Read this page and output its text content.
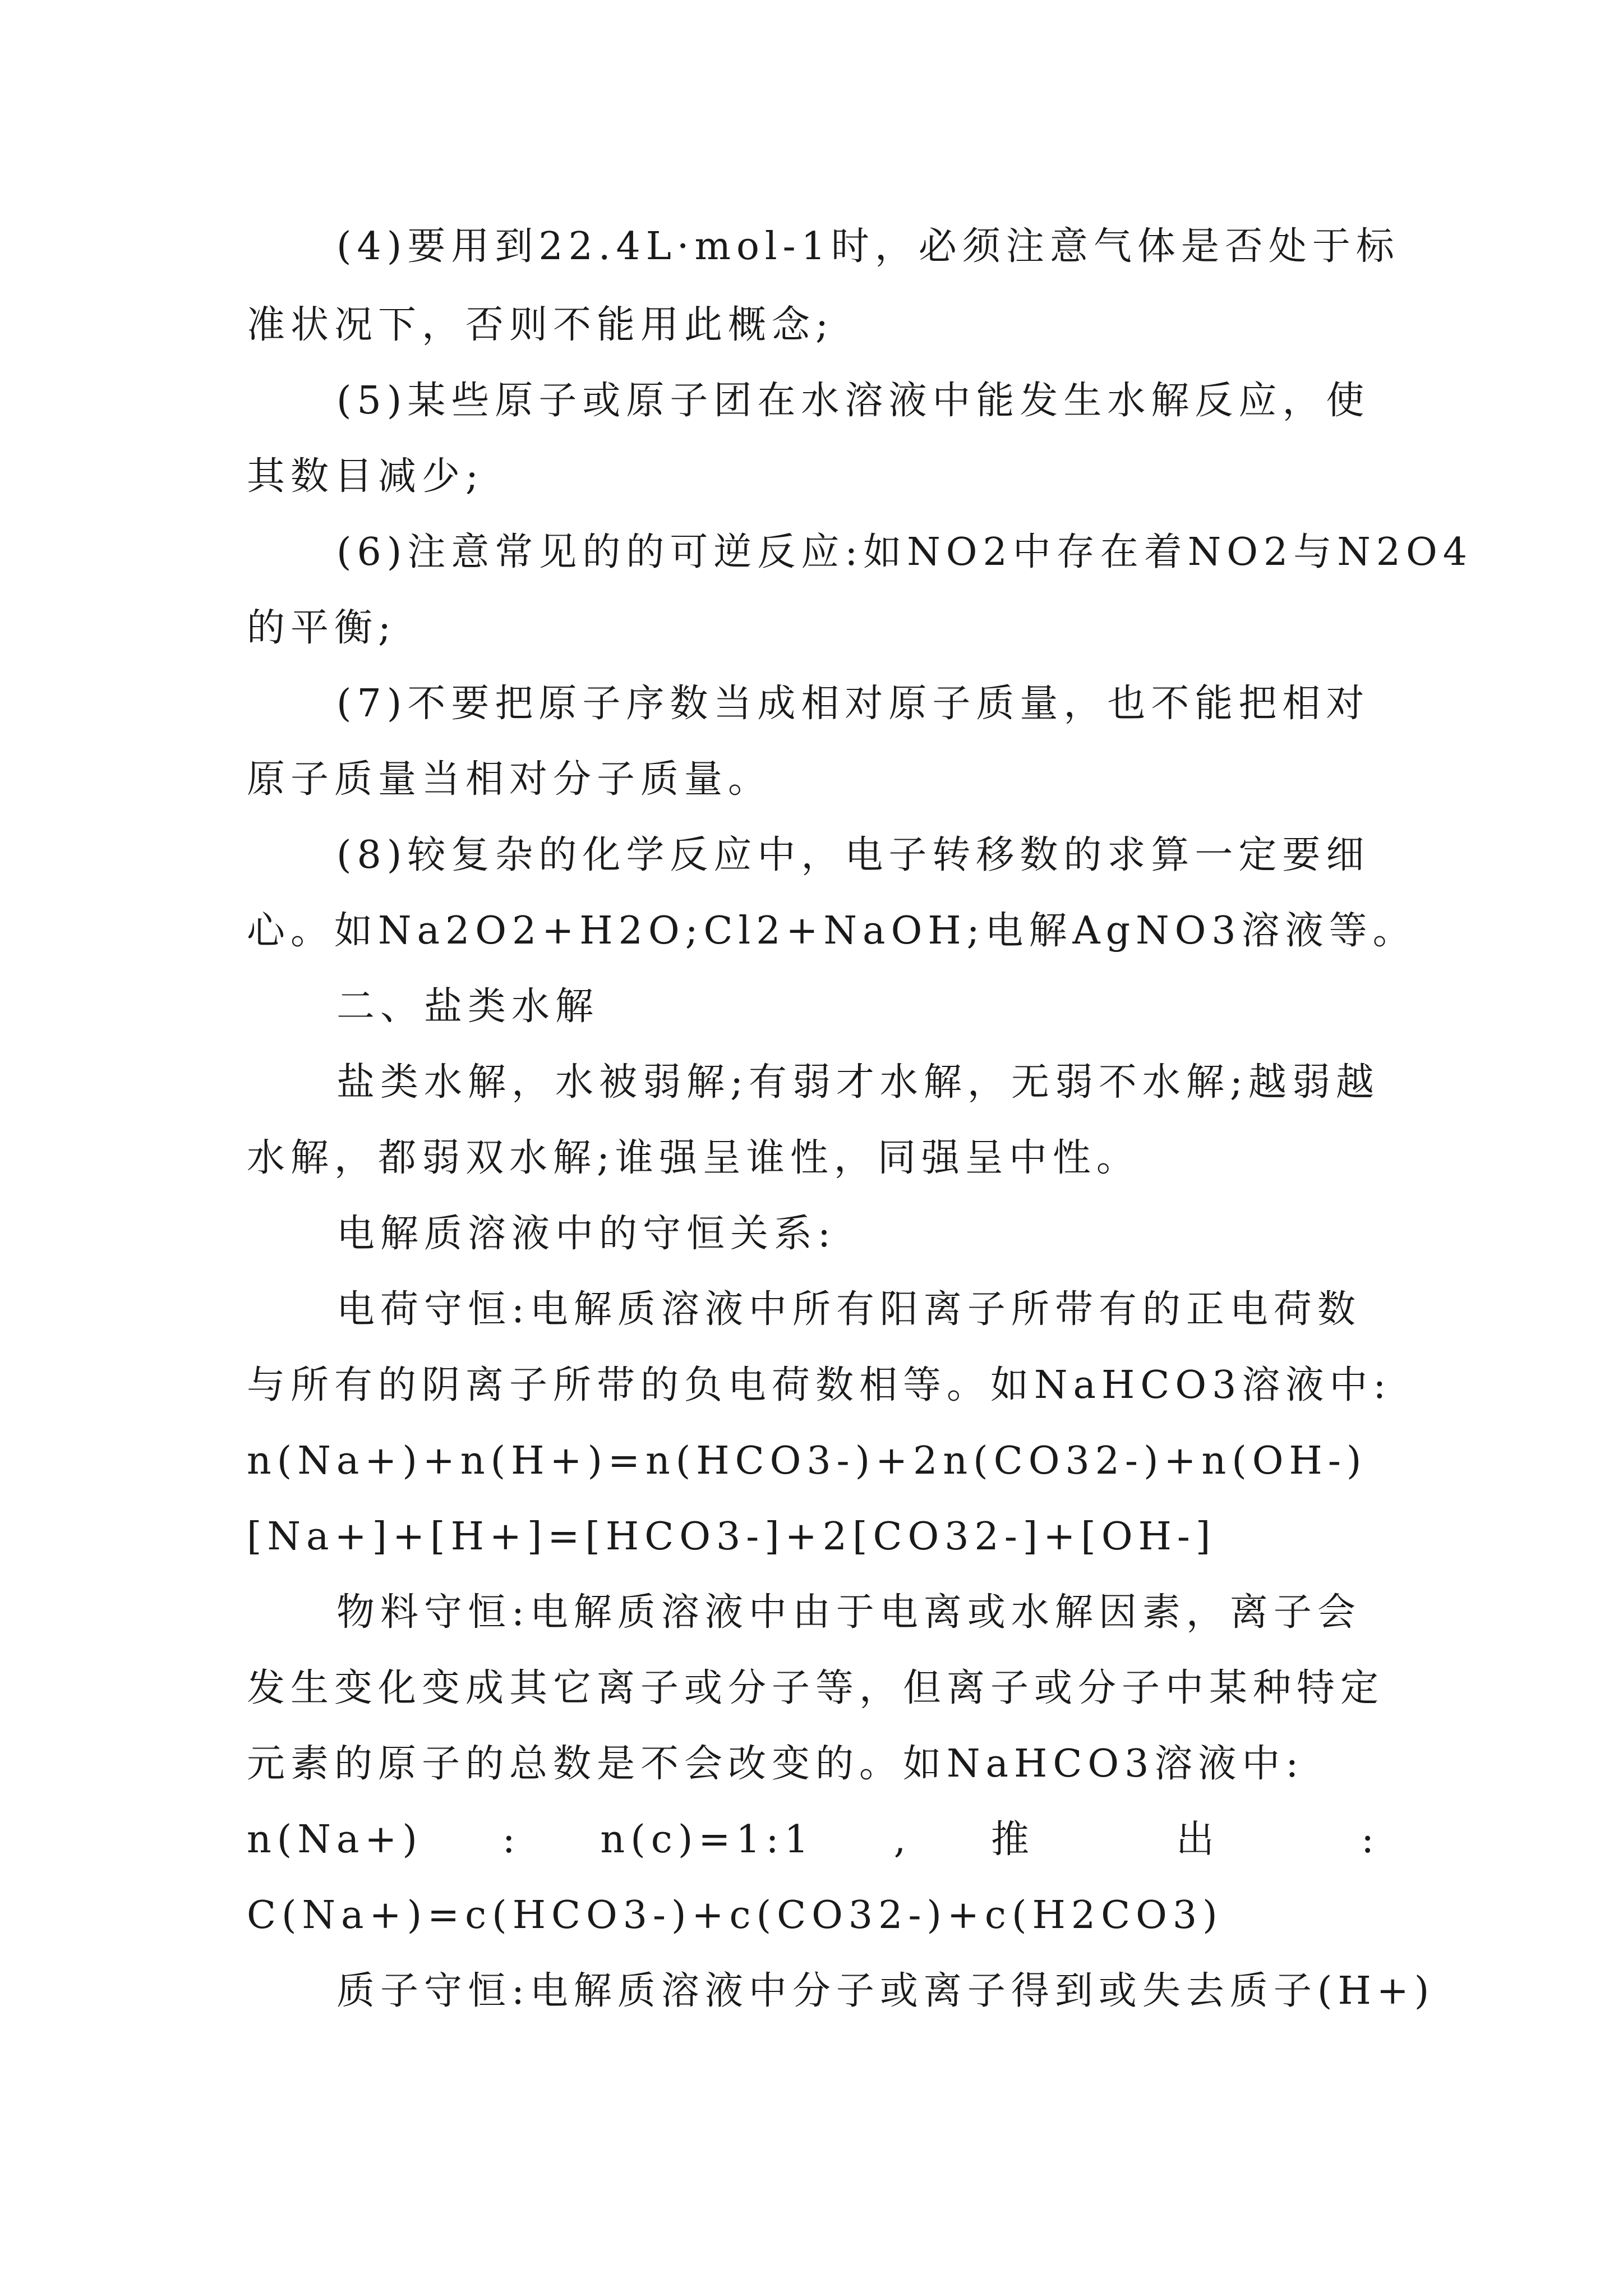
(4)要用到22.4L·mol-1时，必须注意气体是否处于标
准状况下，否则不能用此概念;
(5)某些原子或原子团在水溶液中能发生水解反应，使
其数目减少;
(6)注意常见的的可逆反应:如NO2中存在着NO2与N2O4
的平衡;
(7)不要把原子序数当成相对原子质量，也不能把相对
原子质量当相对分子质量。
(8)较复杂的化学反应中，电子转移数的求算一定要细
心。如Na2O2+H2O;Cl2+NaOH;电解AgNO3溶液等。
二、盐类水解
盐类水解，水被弱解;有弱才水解，无弱不水解;越弱越
水解，都弱双水解;谁强呈谁性，同强呈中性。
电解质溶液中的守恒关系:
电荷守恒:电解质溶液中所有阳离子所带有的正电荷数
与所有的阴离子所带的负电荷数相等。如NaHCO3溶液中:
n(Na+)+n(H+)=n(HCO3-)+2n(CO32-)+n(OH-)
[Na+]+[H+]=[HCO3-]+2[CO32-]+[OH-]
物料守恒:电解质溶液中由于电离或水解因素，离子会
发生变化变成其它离子或分子等，但离子或分子中某种特定
元素的原子的总数是不会改变的。如NaHCO3溶液中:
n(Na+) : n(c)=1:1 , 推 出 :
C(Na+)=c(HCO3-)+c(CO32-)+c(H2CO3)
质子守恒:电解质溶液中分子或离子得到或失去质子(H+)
